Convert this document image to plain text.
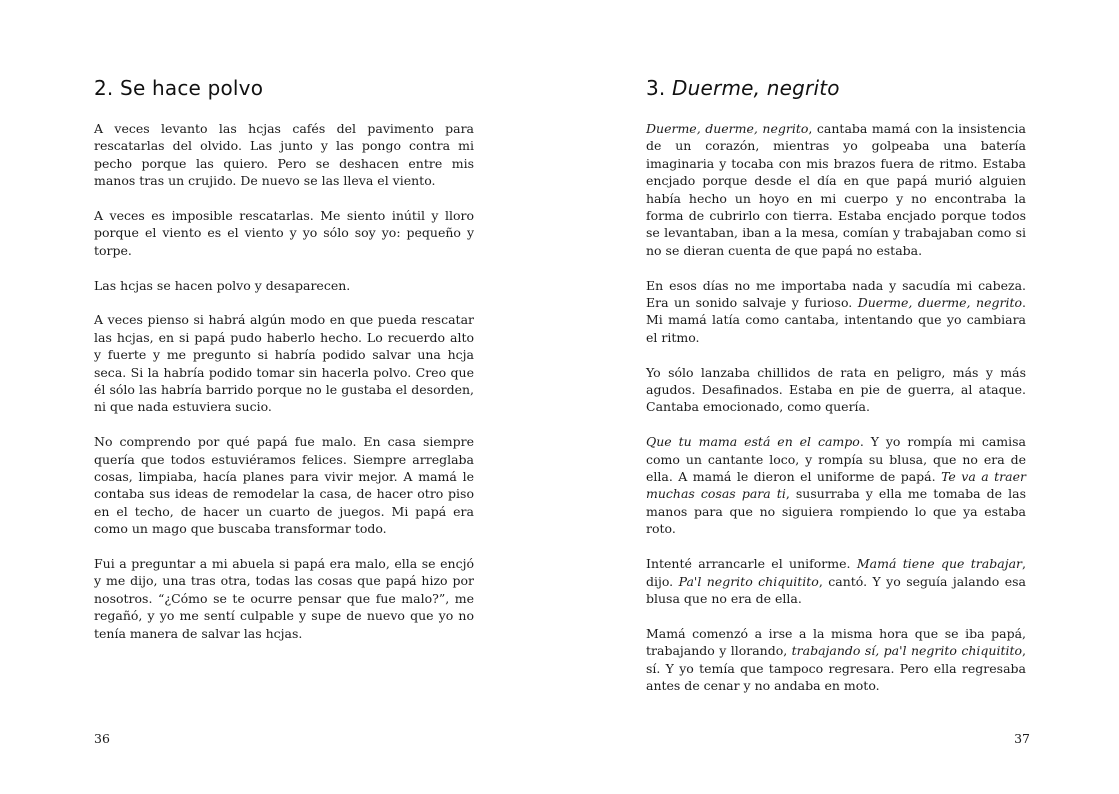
2. Se hace polvo

A veces levanto las hcjas cafés del pavimento para rescatarlas del olvido. Las junto y las pongo contra mi pecho porque las quiero. Pero se deshacen entre mis manos tras un crujido. De nuevo se las lleva el viento.

A veces es imposible rescatarlas. Me siento inútil y lloro porque el viento es el viento y yo sólo soy yo: pequeño y torpe.

Las hcjas se hacen polvo y desaparecen.

A veces pienso si habrá algún modo en que pueda rescatar las hcjas, en si papá pudo haberlo hecho. Lo recuerdo alto y fuerte y me pregunto si habría podido salvar una hcja seca. Si la habría podido tomar sin hacerla polvo. Creo que él sólo las habría barrido porque no le gustaba el desorden, ni que nada estuviera sucio.

No comprendo por qué papá fue malo. En casa siempre quería que todos estuviéramos felices. Siempre arreglaba cosas, limpiaba, hacía planes para vivir mejor. A mamá le contaba sus ideas de remodelar la casa, de hacer otro piso en el techo, de hacer un cuarto de juegos. Mi papá era como un mago que buscaba transformar todo.

Fui a preguntar a mi abuela si papá era malo, ella se encjó y me dijo, una tras otra, todas las cosas que papá hizo por nosotros. “¿Cómo se te ocurre pensar que fue malo?”, me regañó, y yo me sentí culpable y supe de nuevo que yo no tenía manera de salvar las hcjas.

36
3. Duerme, negrito

Duerme, duerme, negrito, cantaba mamá con la insistencia de un corazón, mientras yo golpeaba una batería imaginaria y tocaba con mis brazos fuera de ritmo. Estaba encjado porque desde el día en que papá murió alguien había hecho un hoyo en mi cuerpo y no encontraba la forma de cubrirlo con tierra. Estaba encjado porque todos se levantaban, iban a la mesa, comían y trabajaban como si no se dieran cuenta de que papá no estaba.

En esos días no me importaba nada y sacudía mi cabeza. Era un sonido salvaje y furioso. Duerme, duerme, negrito. Mi mamá latía como cantaba, intentando que yo cambiara el ritmo.

Yo sólo lanzaba chillidos de rata en peligro, más y más agudos. Desafinados. Estaba en pie de guerra, al ataque. Cantaba emocionado, como quería.

Que tu mama está en el campo. Y yo rompía mi camisa como un cantante loco, y rompía su blusa, que no era de ella. A mamá le dieron el uniforme de papá. Te va a traer muchas cosas para ti, susurraba y ella me tomaba de las manos para que no siguiera rompiendo lo que ya estaba roto.

Intenté arrancarle el uniforme. Mamá tiene que trabajar, dijo. Pa'l negrito chiquitito, cantó. Y yo seguía jalando esa blusa que no era de ella.

Mamá comenzó a irse a la misma hora que se iba papá, trabajando y llorando, trabajando sí, pa'l negrito chiquitito, sí. Y yo temía que tampoco regresara. Pero ella regresaba antes de cenar y no andaba en moto.

37
